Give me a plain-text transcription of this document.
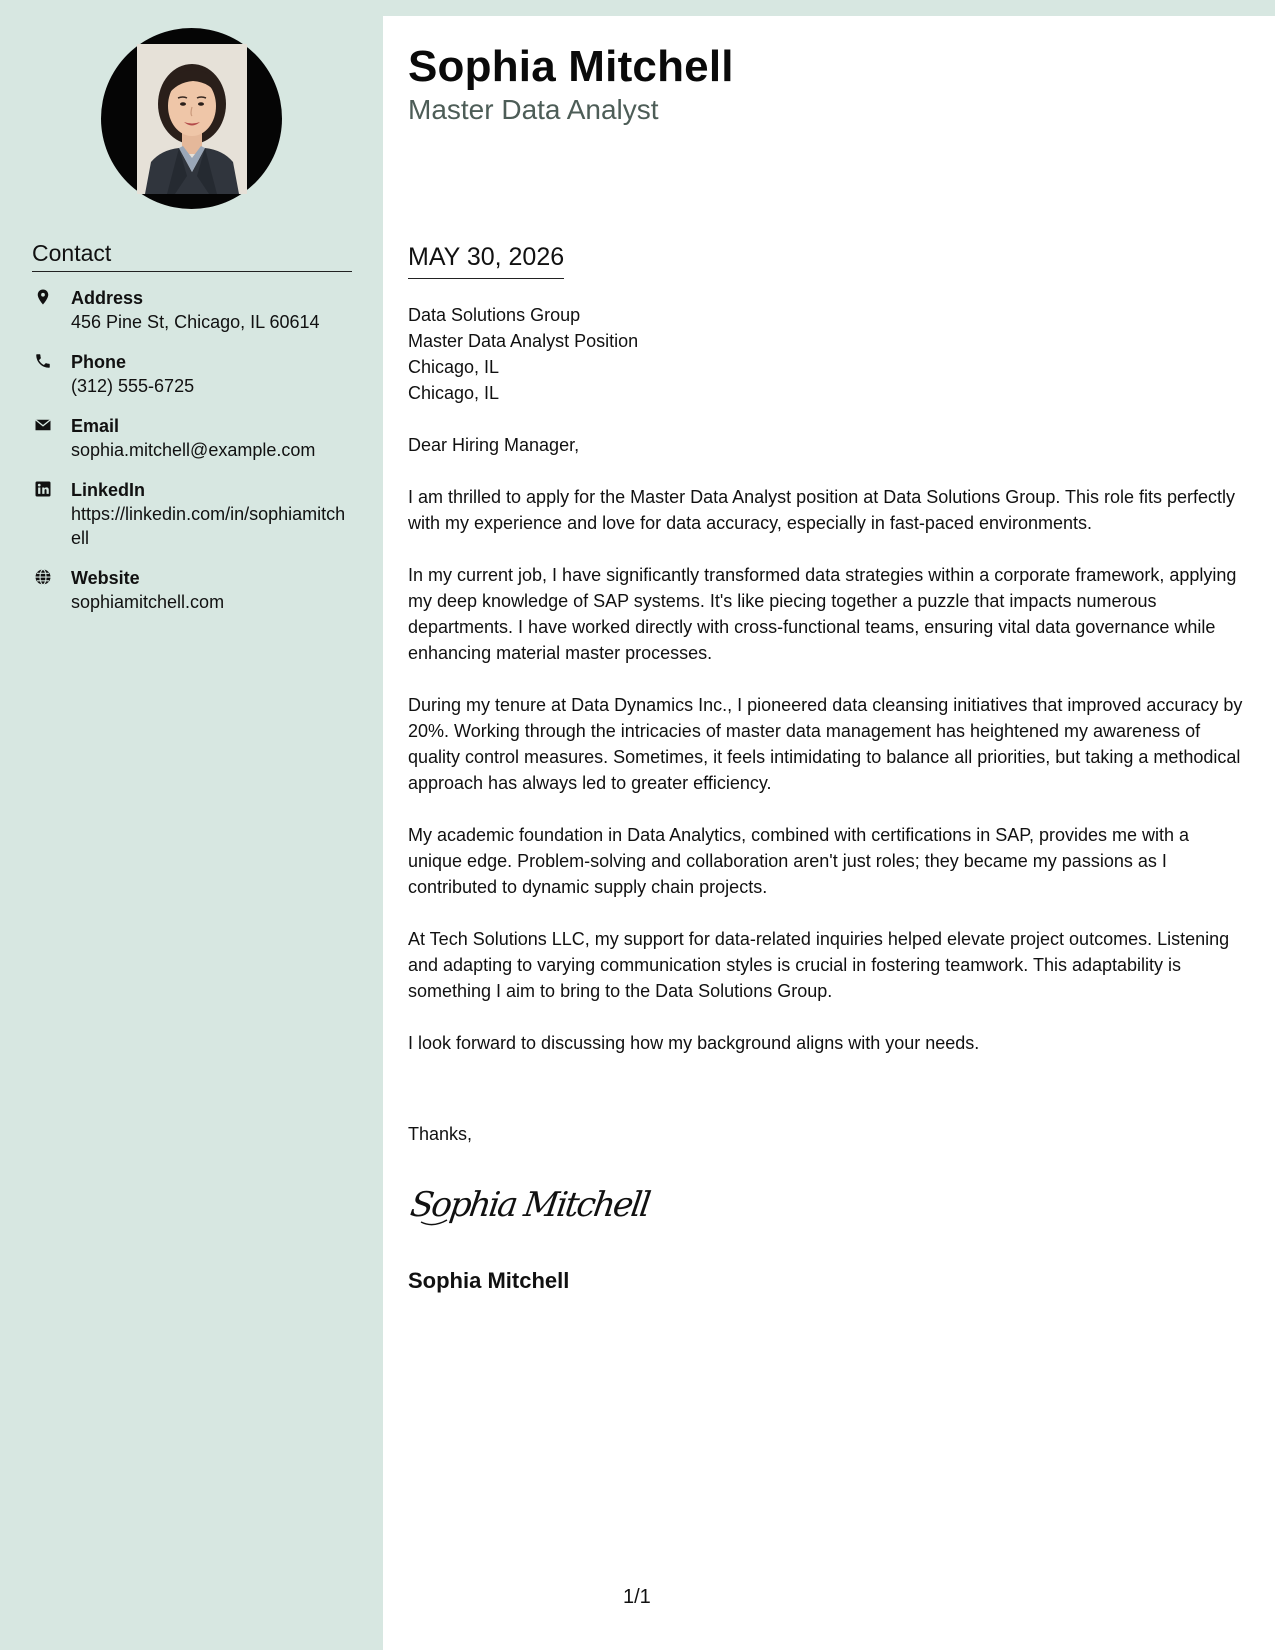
Contact
Address
456 Pine St, Chicago, IL 60614
Phone
(312) 555-6725
Email
sophia.mitchell@example.com
LinkedIn
https://linkedin.com/in/sophiamitchell
Website
sophiamitchell.com
Sophia Mitchell
Master Data Analyst
MAY 30, 2026

Data Solutions Group
Master Data Analyst Position
Chicago, IL
Chicago, IL

Dear Hiring Manager,

I am thrilled to apply for the Master Data Analyst position at Data Solutions Group. This role fits perfectly with my experience and love for data accuracy, especially in fast-paced environments.

In my current job, I have significantly transformed data strategies within a corporate framework, applying my deep knowledge of SAP systems. It's like piecing together a puzzle that impacts numerous departments. I have worked directly with cross-functional teams, ensuring vital data governance while enhancing material master processes.

During my tenure at Data Dynamics Inc., I pioneered data cleansing initiatives that improved accuracy by 20%. Working through the intricacies of master data management has heightened my awareness of quality control measures. Sometimes, it feels intimidating to balance all priorities, but taking a methodical approach has always led to greater efficiency.

My academic foundation in Data Analytics, combined with certifications in SAP, provides me with a unique edge. Problem-solving and collaboration aren't just roles; they became my passions as I contributed to dynamic supply chain projects.

At Tech Solutions LLC, my support for data-related inquiries helped elevate project outcomes. Listening and adapting to varying communication styles is crucial in fostering teamwork. This adaptability is something I aim to bring to the Data Solutions Group.

I look forward to discussing how my background aligns with your needs.

Thanks,
Sophia Mitchell
Sophia Mitchell
1/1
